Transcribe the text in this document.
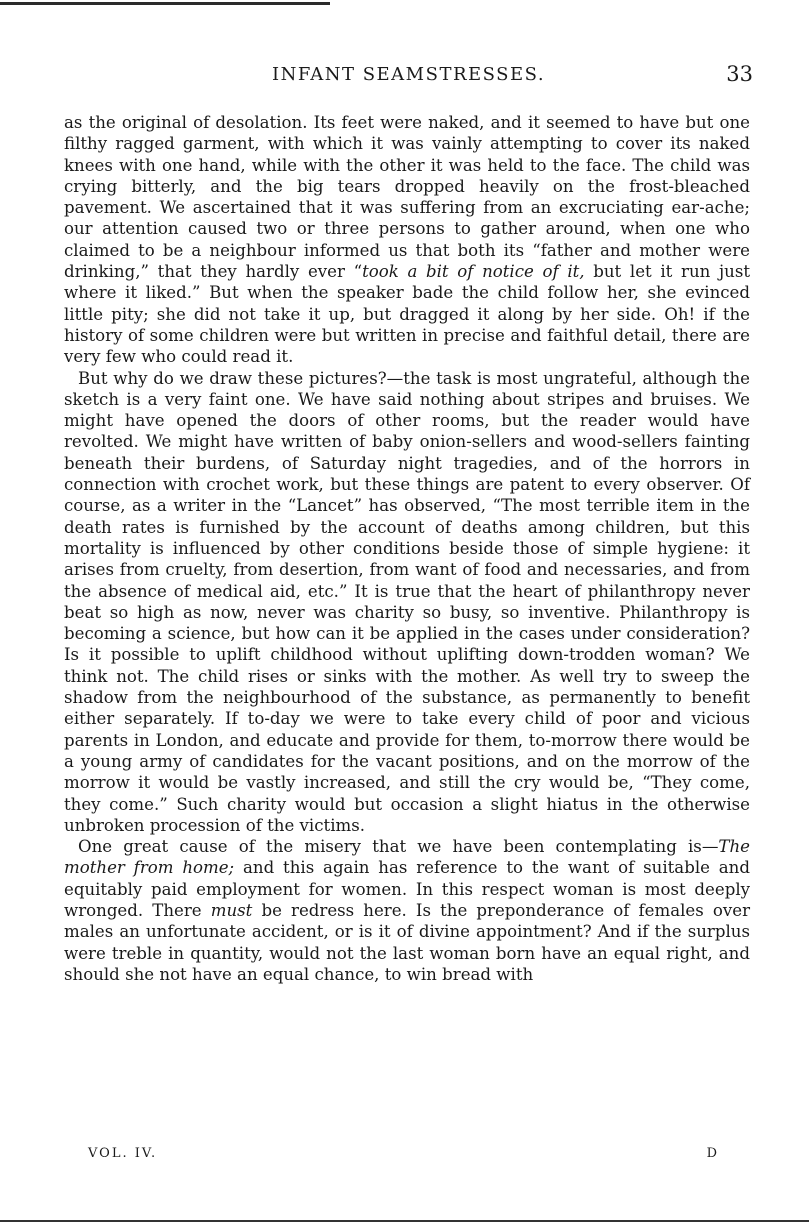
INFANT SEAMSTRESSES.	33

as the original of desolation. Its feet were naked, and it seemed to have but one filthy ragged garment, with which it was vainly attempting to cover its naked knees with one hand, while with the other it was held to the face. The child was crying bitterly, and the big tears dropped heavily on the frost-bleached pavement. We ascertained that it was suffering from an excruciating ear-ache; our attention caused two or three persons to gather around, when one who claimed to be a neighbour informed us that both its “father and mother were drinking,” that they hardly ever “took a bit of notice of it, but let it run just where it liked.” But when the speaker bade the child follow her, she evinced little pity; she did not take it up, but dragged it along by her side. Oh! if the history of some children were but written in precise and faithful detail, there are very few who could read it.

But why do we draw these pictures?—the task is most ungrateful, although the sketch is a very faint one. We have said nothing about stripes and bruises. We might have opened the doors of other rooms, but the reader would have revolted. We might have written of baby onion-sellers and wood-sellers fainting beneath their burdens, of Saturday night tragedies, and of the horrors in connection with crochet work, but these things are patent to every observer. Of course, as a writer in the “Lancet” has observed, “The most terrible item in the death rates is furnished by the account of deaths among children, but this mortality is influenced by other conditions beside those of simple hygiene: it arises from cruelty, from desertion, from want of food and necessaries, and from the absence of medical aid, etc.” It is true that the heart of philanthropy never beat so high as now, never was charity so busy, so inventive. Philanthropy is becoming a science, but how can it be applied in the cases under consideration? Is it possible to uplift childhood without uplifting down-trodden woman? We think not. The child rises or sinks with the mother. As well try to sweep the shadow from the neighbourhood of the substance, as permanently to benefit either separately. If to-day we were to take every child of poor and vicious parents in London, and educate and provide for them, to-morrow there would be a young army of candidates for the vacant positions, and on the morrow of the morrow it would be vastly increased, and still the cry would be, “They come, they come.” Such charity would but occasion a slight hiatus in the otherwise unbroken procession of the victims.

One great cause of the misery that we have been contemplating is—The mother from home; and this again has reference to the want of suitable and equitably paid employment for women. In this respect woman is most deeply wronged. There must be redress here. Is the preponderance of females over males an unfortunate accident, or is it of divine appointment? And if the surplus were treble in quantity, would not the last woman born have an equal right, and should she not have an equal chance, to win bread with

VOL. IV.	D
